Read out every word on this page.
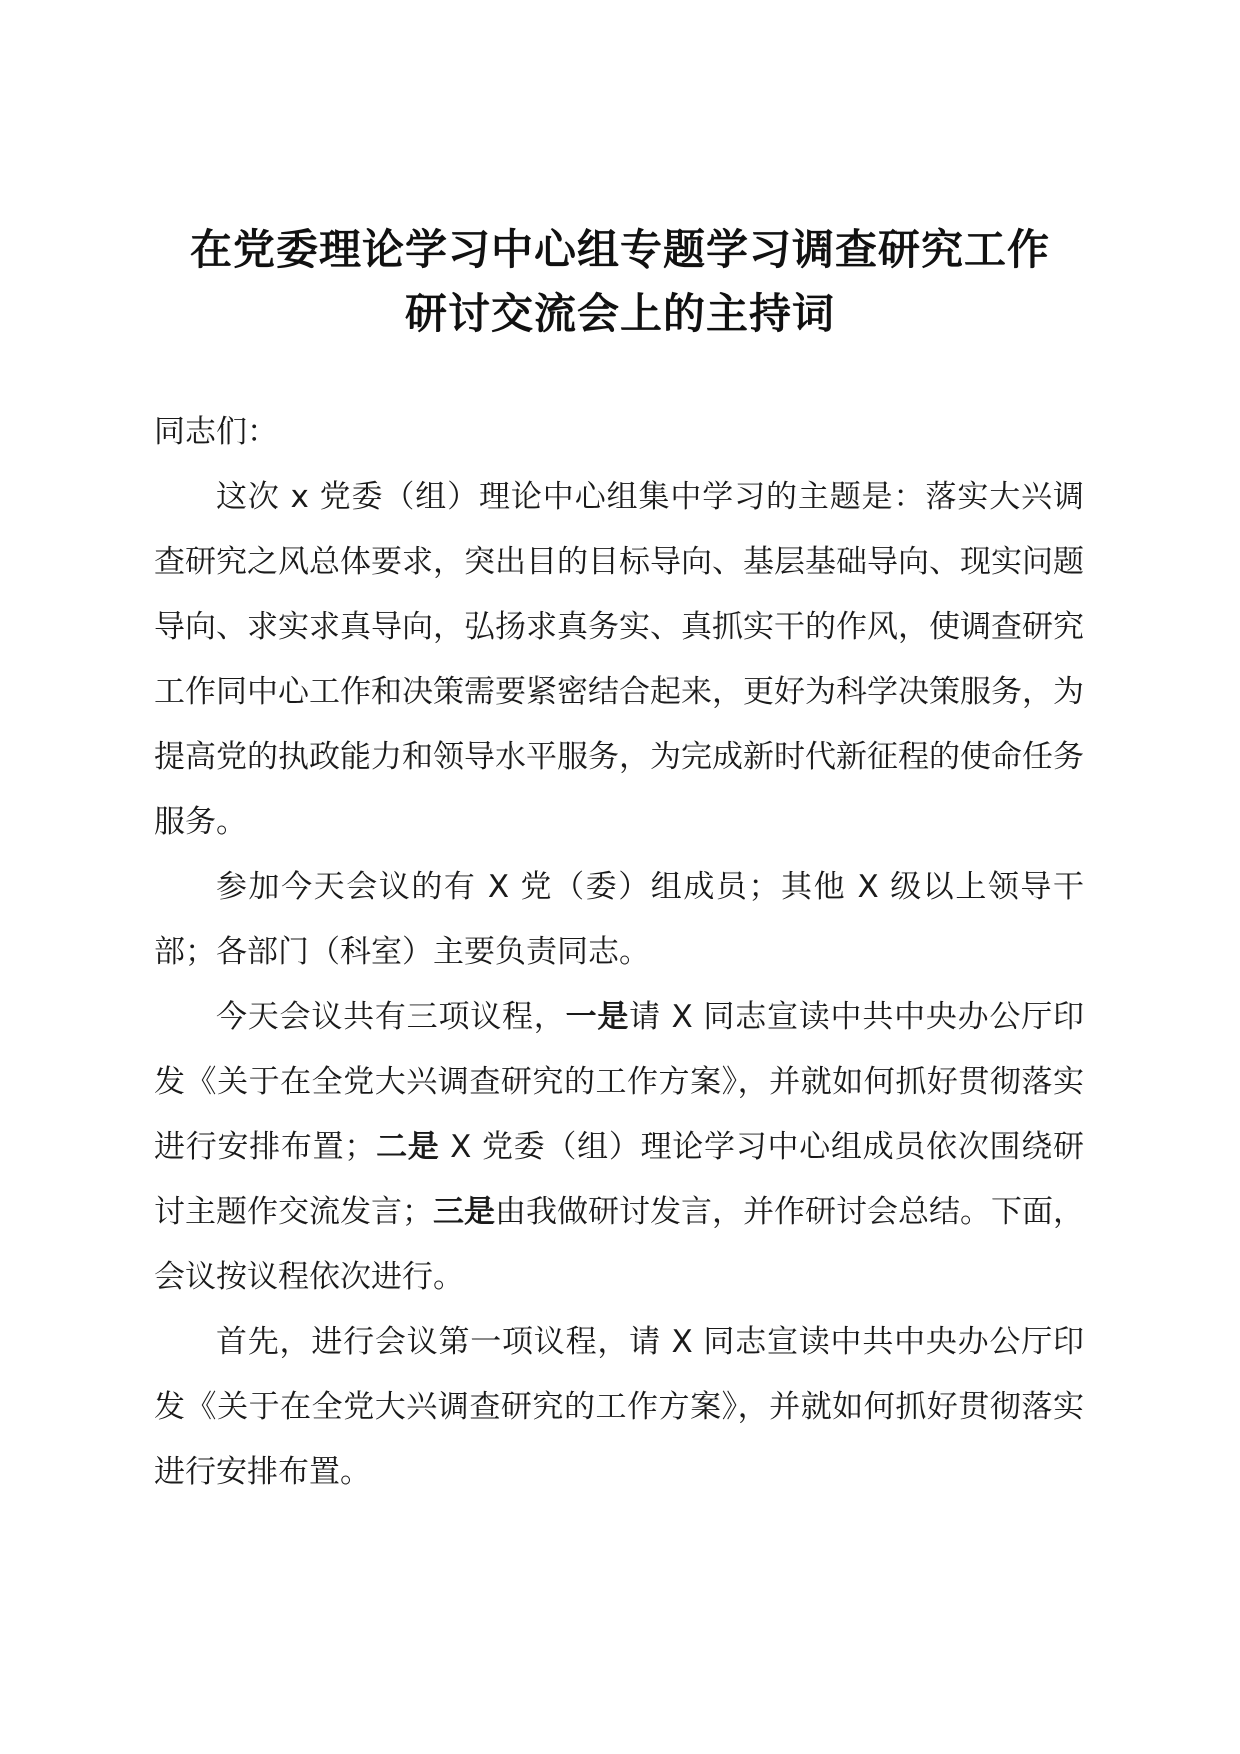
在党委理论学习中心组专题学习调查研究工作
研讨交流会上的主持词

同志们：

这次 x 党委（组）理论中心组集中学习的主题是：落实大兴调查研究之风总体要求，突出目的目标导向、基层基础导向、现实问题导向、求实求真导向，弘扬求真务实、真抓实干的作风，使调查研究工作同中心工作和决策需要紧密结合起来，更好为科学决策服务，为提高党的执政能力和领导水平服务，为完成新时代新征程的使命任务服务。

参加今天会议的有 X 党（委）组成员；其他 X 级以上领导干部；各部门（科室）主要负责同志。

今天会议共有三项议程，一是请 X 同志宣读中共中央办公厅印发《关于在全党大兴调查研究的工作方案》，并就如何抓好贯彻落实进行安排布置；二是 X 党委（组）理论学习中心组成员依次围绕研讨主题作交流发言；三是由我做研讨发言，并作研讨会总结。下面，会议按议程依次进行。

首先，进行会议第一项议程，请 X 同志宣读中共中央办公厅印发《关于在全党大兴调查研究的工作方案》，并就如何抓好贯彻落实进行安排布置。
